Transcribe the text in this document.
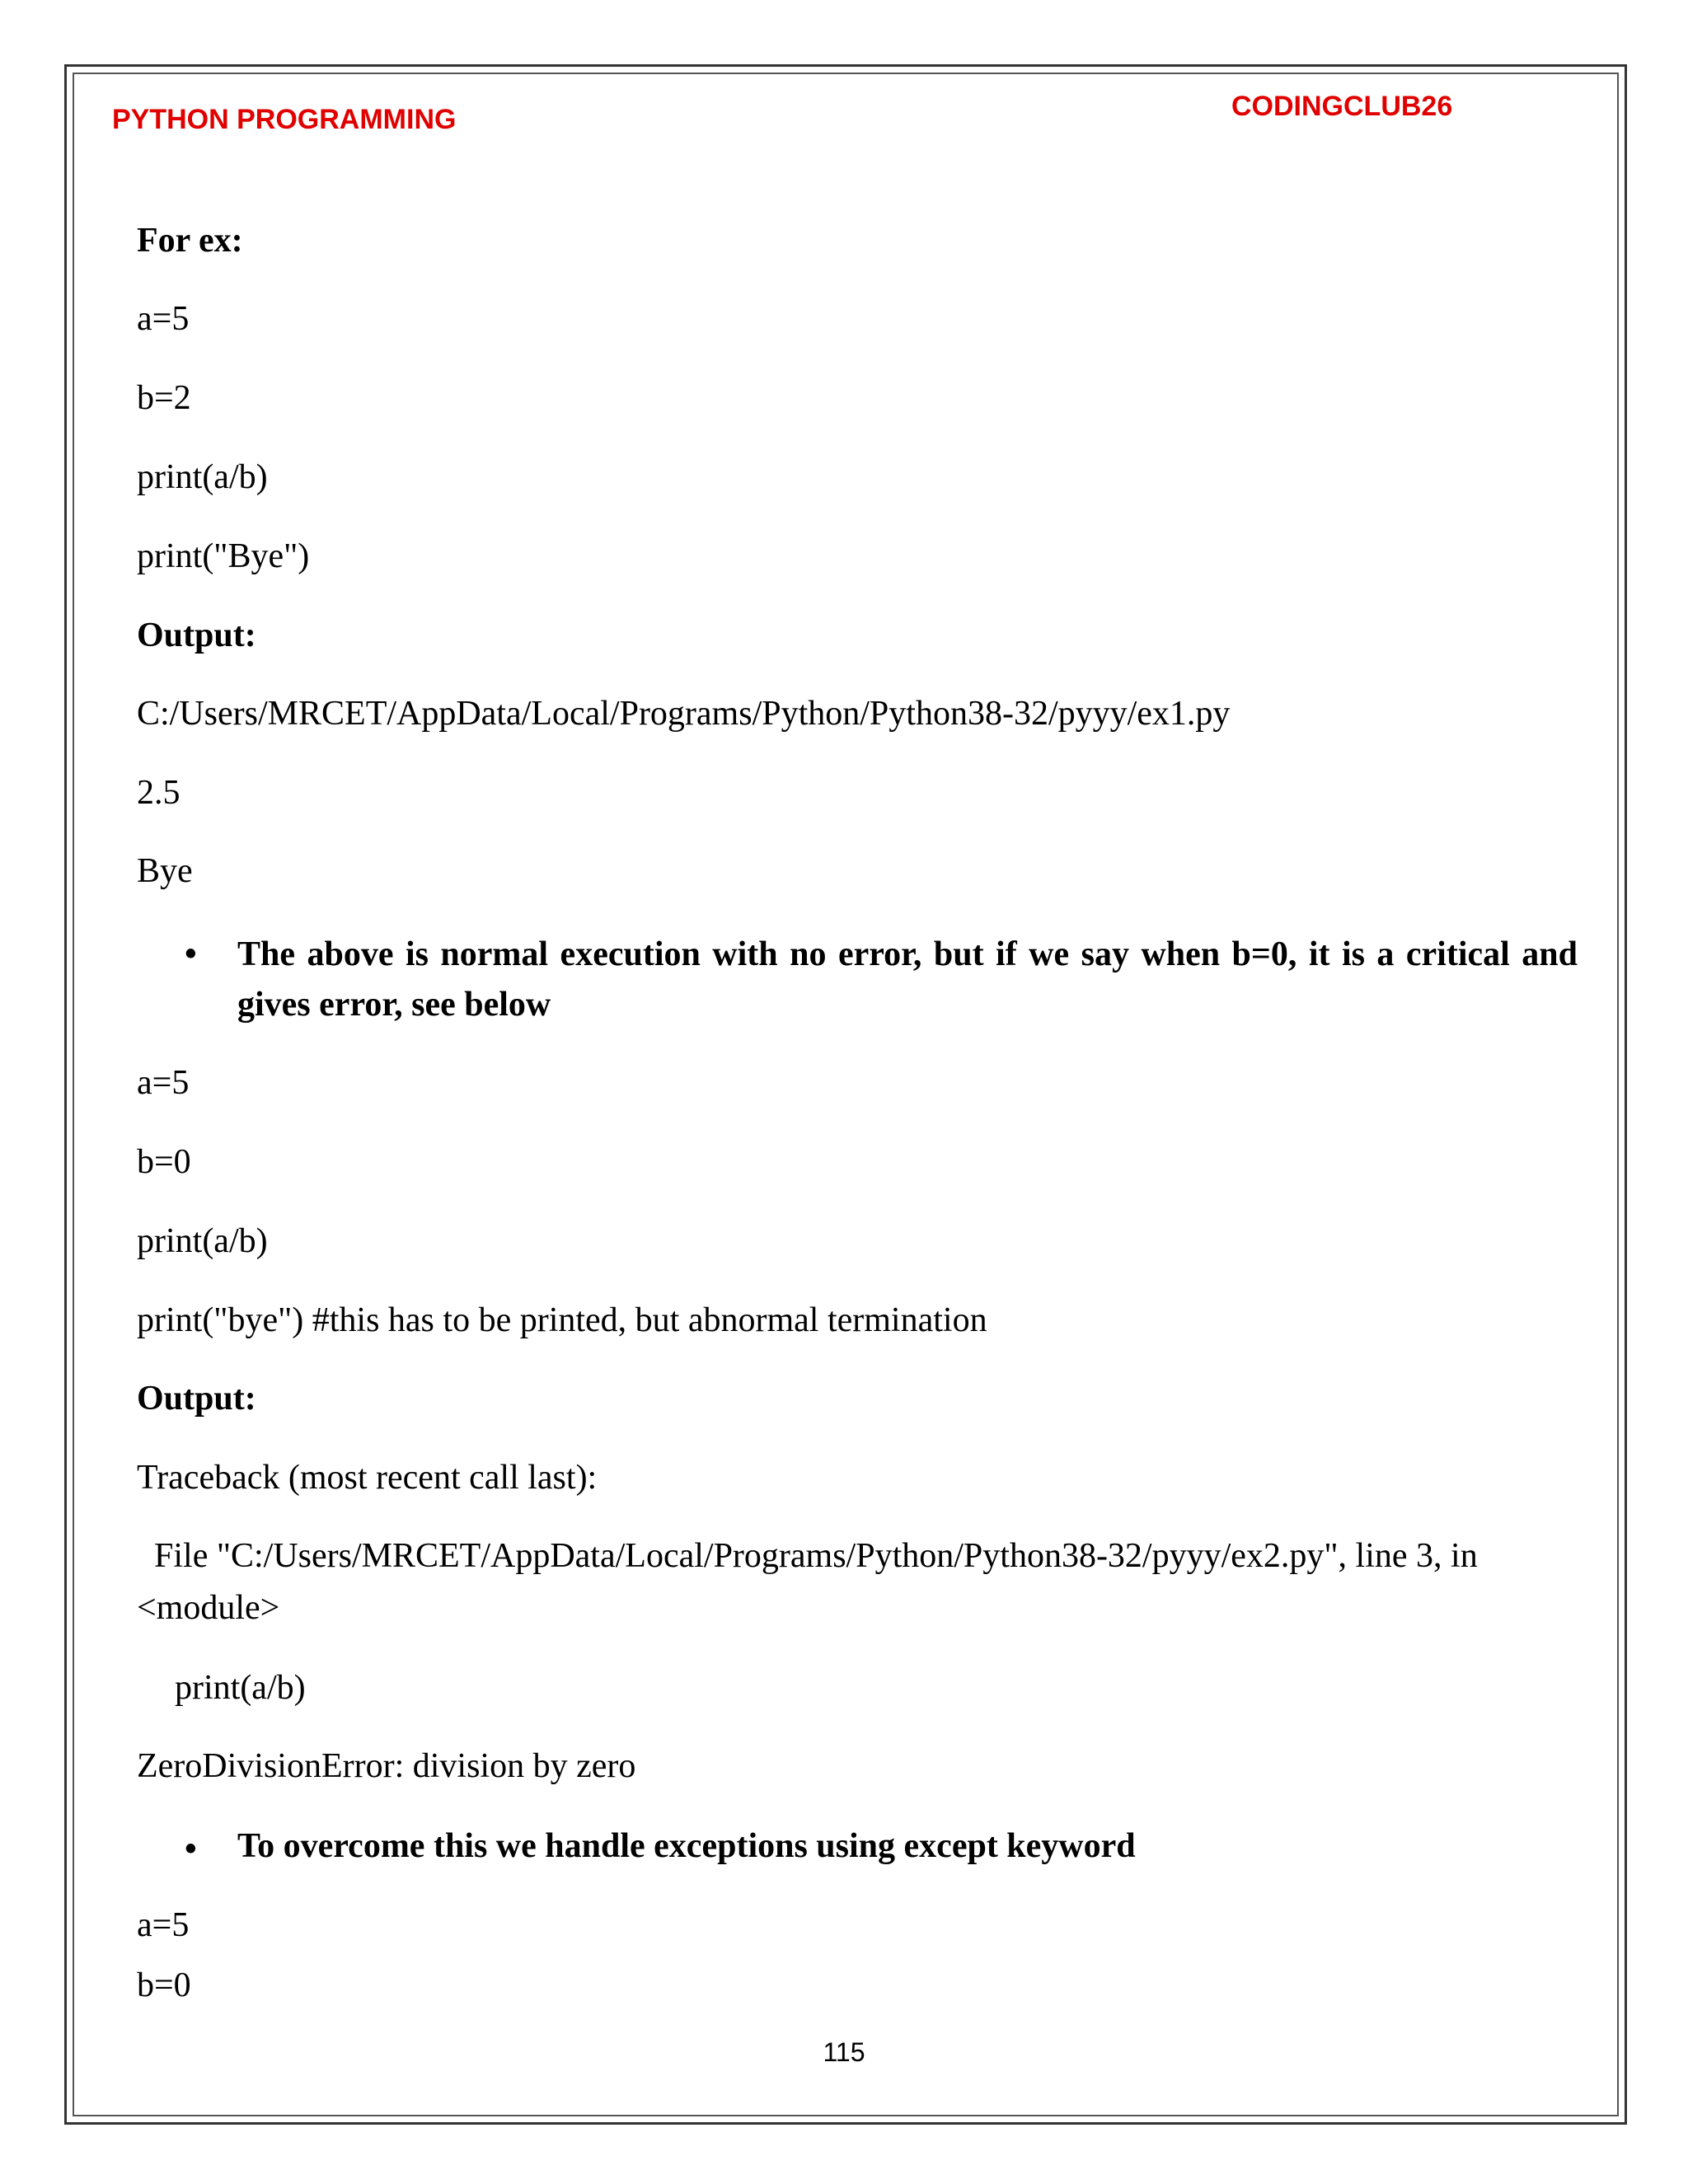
PYTHON PROGRAMMING	CODINGCLUB26
For ex:
a=5
b=2
print(a/b)
print("Bye")
Output:
C:/Users/MRCET/AppData/Local/Programs/Python/Python38-32/pyyy/ex1.py
2.5
Bye
• The above is normal execution with no error, but if we say when b=0, it is a critical and gives error, see below
a=5
b=0
print(a/b)
print("bye") #this has to be printed, but abnormal termination
Output:
Traceback (most recent call last):
File "C:/Users/MRCET/AppData/Local/Programs/Python/Python38-32/pyyy/ex2.py", line 3, in <module>
print(a/b)
ZeroDivisionError: division by zero
• To overcome this we handle exceptions using except keyword
a=5
b=0
115
